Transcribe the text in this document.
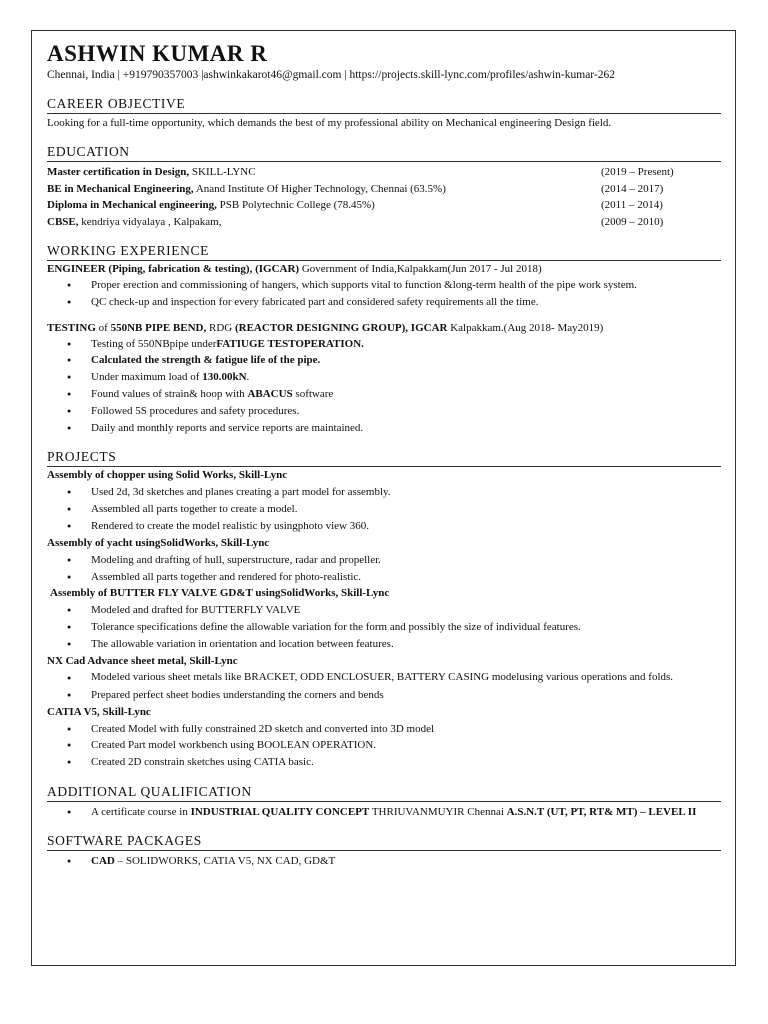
ASHWIN KUMAR R

Chennai, India | +919790357003 |ashwinkakarot46@gmail.com | https://projects.skill-lync.com/profiles/ashwin-kumar-262

CAREER OBJECTIVE

Looking for a full-time opportunity, which demands the best of my professional ability on Mechanical engineering Design field.

EDUCATION
Master certification in Design, SKILL-LYNC	(2019 – Present)
BE in Mechanical Engineering, Anand Institute Of Higher Technology, Chennai (63.5%)	(2014 – 2017)
Diploma in Mechanical engineering, PSB Polytechnic College (78.45%)	(2011 – 2014)
CBSE, kendriya vidyalaya , Kalpakam,	(2009 – 2010)
WORKING EXPERIENCE

ENGINEER (Piping, fabrication & testing), (IGCAR) Government of India,Kalpakkam(Jun 2017 - Jul 2018)

● Proper erection and commissioning of hangers, which supports vital to function &long-term health of the pipe work system.
● QC check-up and inspection for every fabricated part and considered safety requirements all the time.

TESTING of 550NB PIPE BEND, RDG (REACTOR DESIGNING GROUP), IGCAR Kalpakkam.(Aug 2018- May2019)

● Testing of 550NBpipe underFATIUGE TESTOPERATION.
● Calculated the strength & fatigue life of the pipe.
● Under maximum load of 130.00kN.
● Found values of strain& hoop with ABACUS software
● Followed 5S procedures and safety procedures.
● Daily and monthly reports and service reports are maintained.
PROJECTS

Assembly of chopper using Solid Works, Skill-Lync

● Used 2d, 3d sketches and planes creating a part model for assembly.
● Assembled all parts together to create a model.
● Rendered to create the model realistic by usingphoto view 360.

Assembly of yacht usingSolidWorks, Skill-Lync

● Modeling and drafting of hull, superstructure, radar and propeller.
● Assembled all parts together and rendered for photo-realistic.

Assembly of BUTTER FLY VALVE GD&T usingSolidWorks, Skill-Lync

● Modeled and drafted for BUTTERFLY VALVE
● Tolerance specifications define the allowable variation for the form and possibly the size of individual features.
● The allowable variation in orientation and location between features.

NX Cad Advance sheet metal, Skill-Lync

● Modeled various sheet metals like BRACKET, ODD ENCLOSUER, BATTERY CASING modelusing various operations and folds.
● Prepared perfect sheet bodies understanding the corners and bends

CATIA V5, Skill-Lync

● Created Model with fully constrained 2D sketch and converted into 3D model
● Created Part model workbench using BOOLEAN OPERATION.
● Created 2D constrain sketches using CATIA basic.
ADDITIONAL QUALIFICATION
● A certificate course in INDUSTRIAL QUALITY CONCEPT THRIUVANMUYIR Chennai A.S.N.T (UT, PT, RT& MT) – LEVEL II
SOFTWARE PACKAGES
● CAD – SOLIDWORKS, CATIA V5, NX CAD, GD&T
